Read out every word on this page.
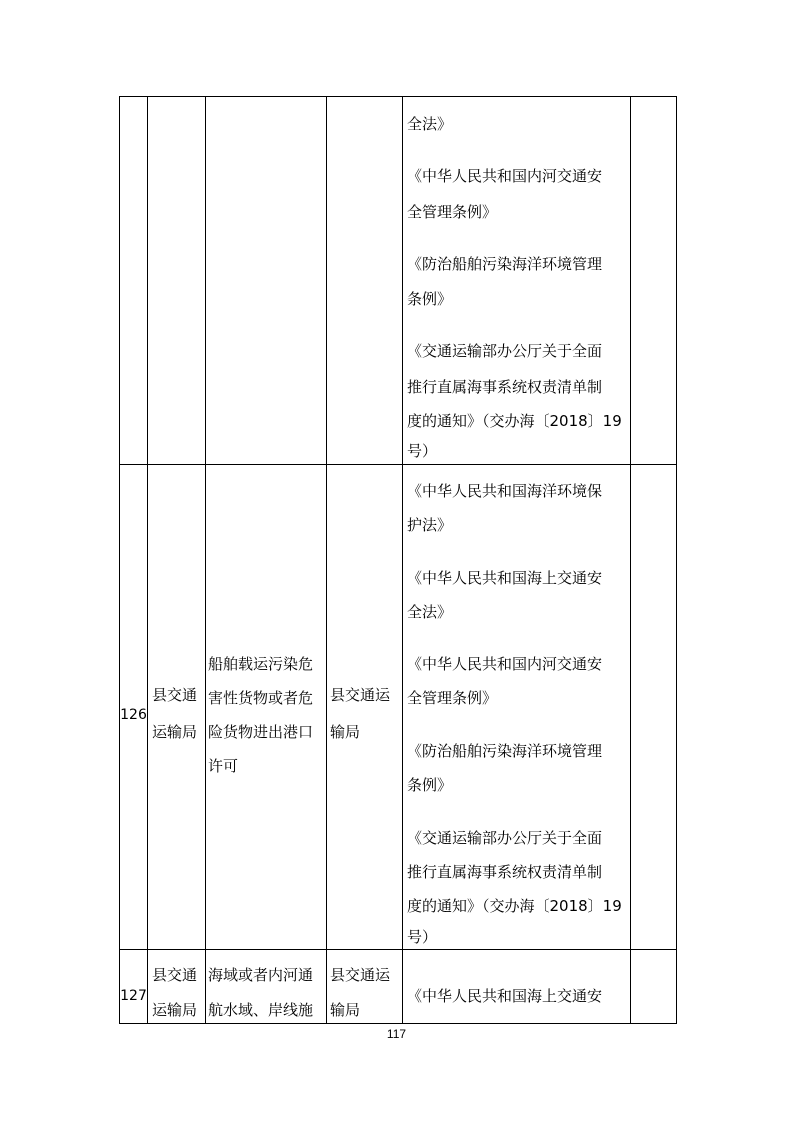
全法》

《中华人民共和国内河交通安

全管理条例》

《防治船舶污染海洋环境管理

条例》

《交通运输部办公厅关于全面

推行直属海事系统权责清单制

度的通知》（交办海〔2018〕19

号）

126
县交通
运输局
船舶载运污染危
害性货物或者危
险货物进出港口
许可
县交通运
输局

《中华人民共和国海洋环境保

护法》

《中华人民共和国海上交通安

全法》

《中华人民共和国内河交通安

全管理条例》

《防治船舶污染海洋环境管理

条例》

《交通运输部办公厅关于全面

推行直属海事系统权责清单制

度的通知》（交办海〔2018〕19

号）

127
县交通
运输局
海域或者内河通
航水域、岸线施
县交通运
输局
《中华人民共和国海上交通安
117
